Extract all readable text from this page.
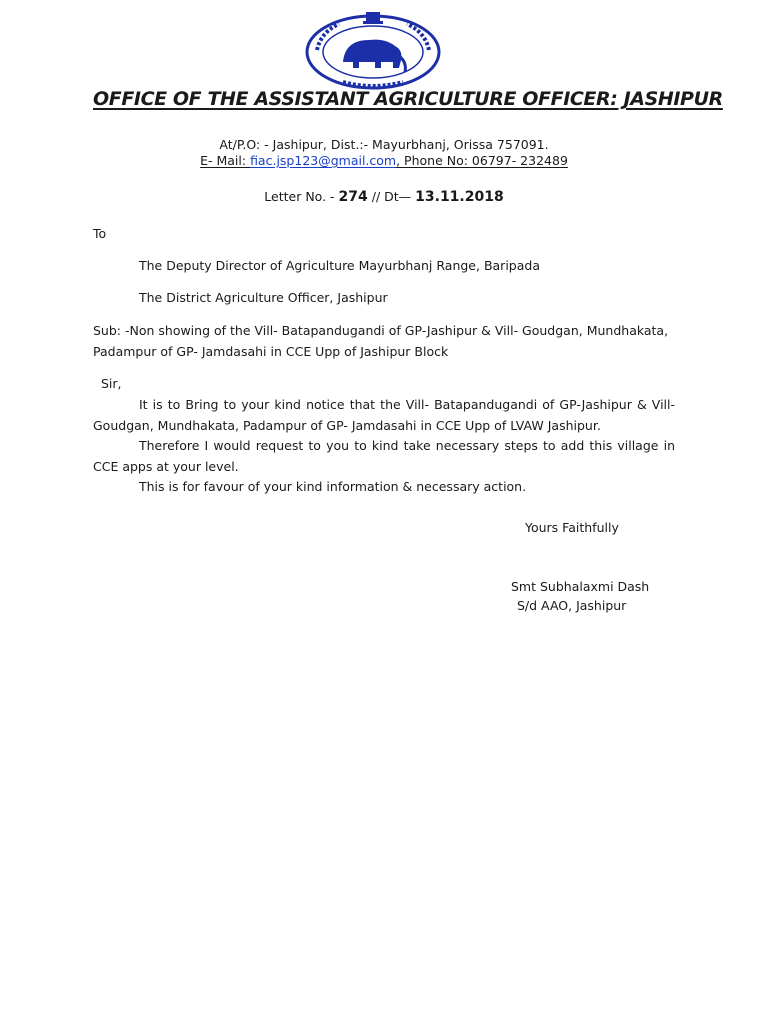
OFFICE OF THE ASSISTANT AGRICULTURE OFFICER: JASHIPUR
At/P.O: - Jashipur, Dist.:- Mayurbhanj, Orissa 757091.
E- Mail: fiac.jsp123@gmail.com, Phone No: 06797- 232489
Letter No. - 274 // Dt— 13.11.2018
To
The Deputy Director of Agriculture Mayurbhanj Range, Baripada
The District Agriculture Officer, Jashipur
Sub: -Non showing of the Vill- Batapandugandi of GP-Jashipur & Vill- Goudgan, Mundhakata,
Padampur of GP- Jamdasahi in CCE Upp of Jashipur Block
Sir,
It is to Bring to your kind notice that the Vill- Batapandugandi of GP-Jashipur & Vill- Goudgan, Mundhakata, Padampur of GP- Jamdasahi in CCE Upp of LVAW Jashipur.
Therefore I would request to you to kind take necessary steps to add this village in CCE apps at your level.
This is for favour of your kind information & necessary action.
Yours Faithfully
Smt Subhalaxmi Dash
S/d AAO, Jashipur
